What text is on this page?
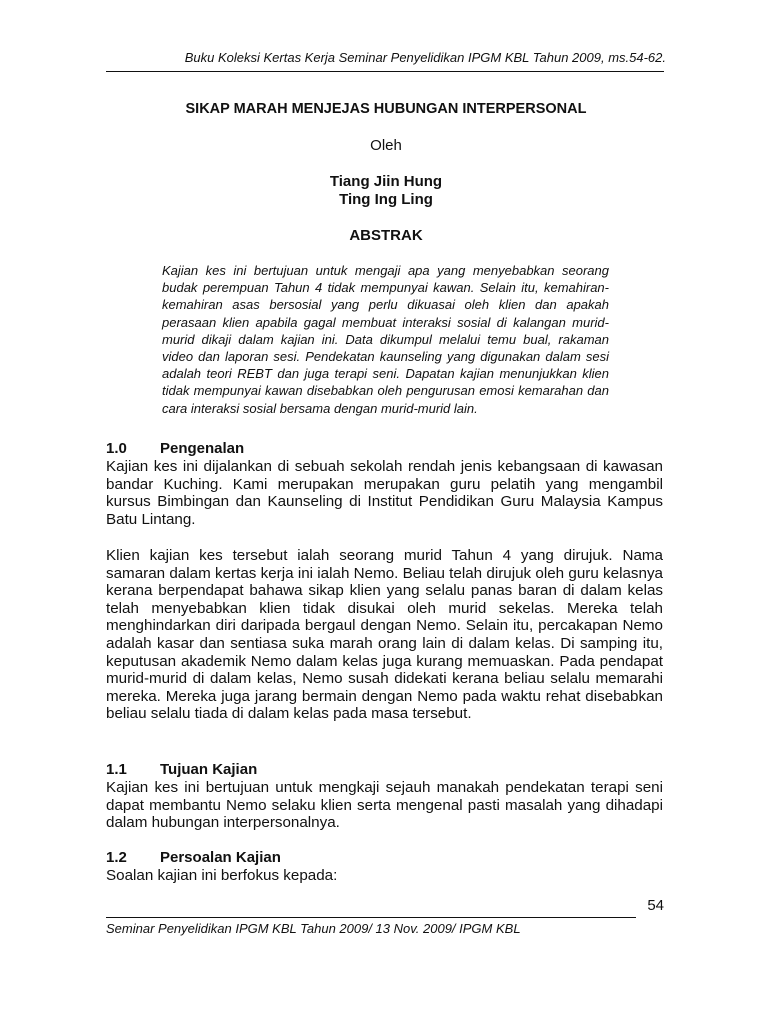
Buku Koleksi Kertas Kerja Seminar Penyelidikan IPGM KBL Tahun 2009, ms.54-62.
SIKAP MARAH MENJEJAS HUBUNGAN INTERPERSONAL
Oleh
Tiang Jiin Hung
Ting Ing Ling
ABSTRAK
Kajian kes ini bertujuan untuk mengaji apa yang menyebabkan seorang budak perempuan Tahun 4 tidak mempunyai kawan. Selain itu, kemahiran-kemahiran asas bersosial yang perlu dikuasai oleh klien dan apakah perasaan klien apabila gagal membuat interaksi sosial di kalangan murid-murid dikaji dalam kajian ini. Data dikumpul melalui temu bual, rakaman video dan laporan sesi. Pendekatan kaunseling yang digunakan dalam sesi adalah teori REBT dan juga terapi seni. Dapatan kajian menunjukkan klien tidak mempunyai kawan disebabkan oleh pengurusan emosi kemarahan dan cara interaksi sosial bersama dengan murid-murid lain.
1.0 Pengenalan

Kajian kes ini dijalankan di sebuah sekolah rendah jenis kebangsaan di kawasan bandar Kuching. Kami merupakan merupakan guru pelatih yang mengambil kursus Bimbingan dan Kaunseling di Institut Pendidikan Guru Malaysia Kampus Batu Lintang.

Klien kajian kes tersebut ialah seorang murid Tahun 4 yang dirujuk. Nama samaran dalam kertas kerja ini ialah Nemo. Beliau telah dirujuk oleh guru kelasnya kerana berpendapat bahawa sikap klien yang selalu panas baran di dalam kelas telah menyebabkan klien tidak disukai oleh murid sekelas. Mereka telah menghindarkan diri daripada bergaul dengan Nemo. Selain itu, percakapan Nemo adalah kasar dan sentiasa suka marah orang lain di dalam kelas. Di samping itu, keputusan akademik Nemo dalam kelas juga kurang memuaskan. Pada pendapat murid-murid di dalam kelas, Nemo susah didekati kerana beliau selalu memarahi mereka. Mereka juga jarang bermain dengan Nemo pada waktu rehat disebabkan beliau selalu tiada di dalam kelas pada masa tersebut.

1.1 Tujuan Kajian

Kajian kes ini bertujuan untuk mengkaji sejauh manakah pendekatan terapi seni dapat membantu Nemo selaku klien serta mengenal pasti masalah yang dihadapi dalam hubungan interpersonalnya.

1.2 Persoalan Kajian

Soalan kajian ini berfokus kepada:

54
Seminar Penyelidikan IPGM KBL Tahun 2009/ 13 Nov. 2009/ IPGM KBL
